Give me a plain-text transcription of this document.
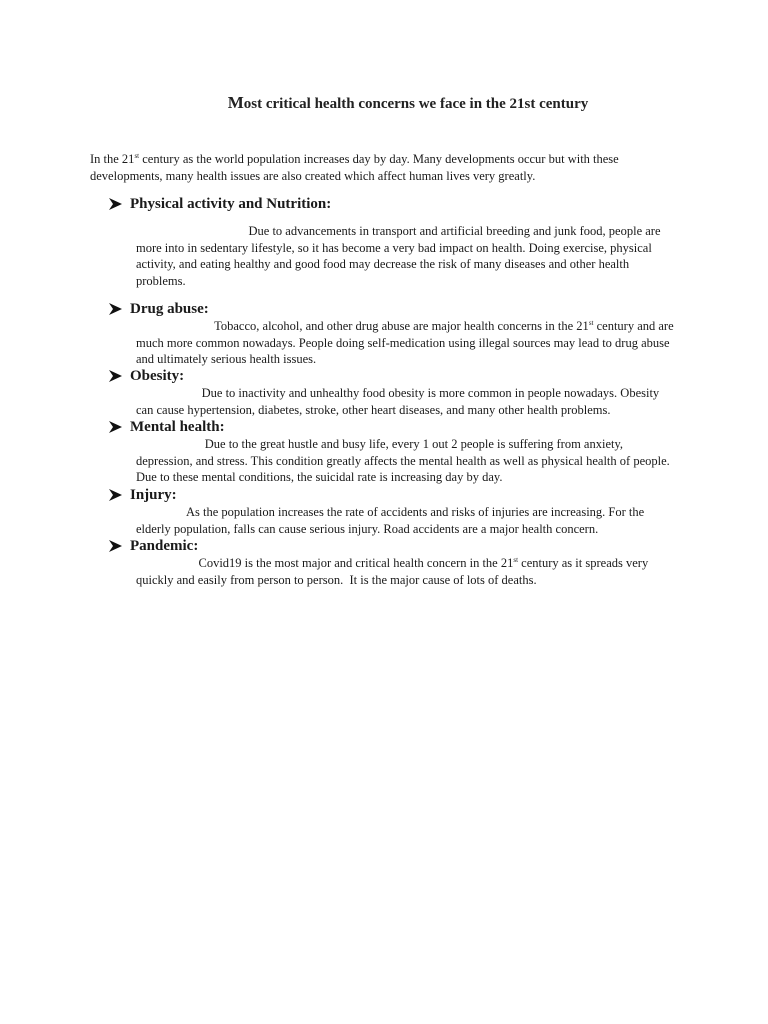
Most critical health concerns we face in the 21st century
In the 21st century as the world population increases day by day. Many developments occur but with these developments, many health issues are also created which affect human lives very greatly.
Physical activity and Nutrition:
Due to advancements in transport and artificial breeding and junk food, people are more into in sedentary lifestyle, so it has become a very bad impact on health. Doing exercise, physical activity, and eating healthy and good food may decrease the risk of many diseases and other health problems.
Drug abuse:
Tobacco, alcohol, and other drug abuse are major health concerns in the 21st century and are much more common nowadays. People doing self-medication using illegal sources may lead to drug abuse and ultimately serious health issues.
Obesity:
Due to inactivity and unhealthy food obesity is more common in people nowadays. Obesity can cause hypertension, diabetes, stroke, other heart diseases, and many other health problems.
Mental health:
Due to the great hustle and busy life, every 1 out 2 people is suffering from anxiety, depression, and stress. This condition greatly affects the mental health as well as physical health of people. Due to these mental conditions, the suicidal rate is increasing day by day.
Injury:
As the population increases the rate of accidents and risks of injuries are increasing. For the elderly population, falls can cause serious injury. Road accidents are a major health concern.
Pandemic:
Covid19 is the most major and critical health concern in the 21st century as it spreads very quickly and easily from person to person.  It is the major cause of lots of deaths.
